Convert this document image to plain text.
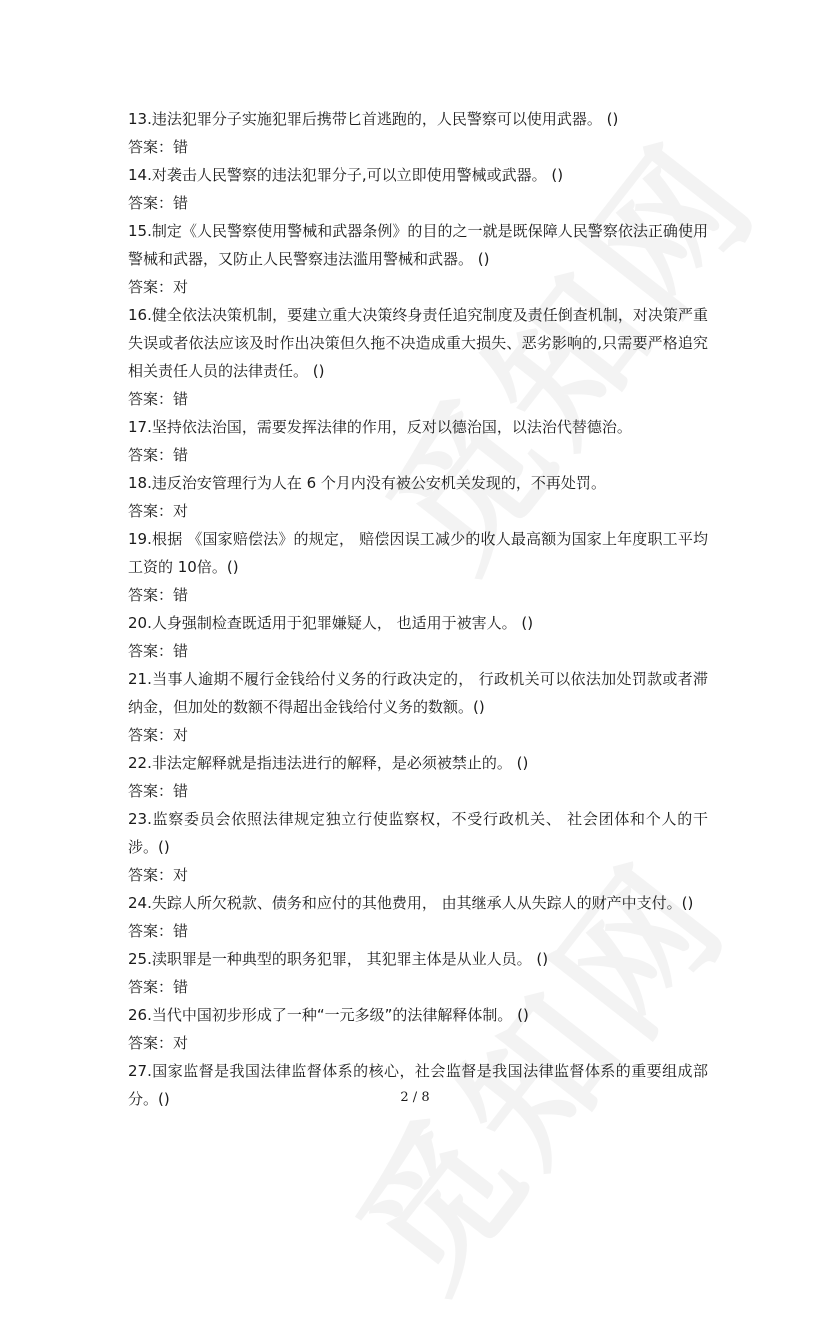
13.违法犯罪分子实施犯罪后携带匕首逃跑的，人民警察可以使用武器。 ()

答案：错

14.对袭击人民警察的违法犯罪分子,可以立即使用警械或武器。 ()

答案：错

15.制定《人民警察使用警械和武器条例》的目的之一就是既保障人民警察依法正确使用警械和武器，又防止人民警察违法滥用警械和武器。 ()

答案：对

16.健全依法决策机制，要建立重大决策终身责任追究制度及责任倒查机制，对决策严重失误或者依法应该及时作出决策但久拖不决造成重大损失、恶劣影响的,只需要严格追究相关责任人员的法律责任。 ()

答案：错

17.坚持依法治国，需要发挥法律的作用，反对以德治国，以法治代替德治。

答案：错

18.违反治安管理行为人在 6 个月内没有被公安机关发现的，不再处罚。

答案：对

19.根据 《国家赔偿法》的规定， 赔偿因误工减少的收人最高额为国家上年度职工平均工资的 10倍。()

答案：错

20.人身强制检查既适用于犯罪嫌疑人， 也适用于被害人。 ()

答案：错

21.当事人逾期不履行金钱给付义务的行政决定的， 行政机关可以依法加处罚款或者滞纳金，但加处的数额不得超出金钱给付义务的数额。()

答案：对

22.非法定解释就是指违法进行的解释，是必须被禁止的。 ()

答案：错

23.监察委员会依照法律规定独立行使监察权，不受行政机关、 社会团体和个人的干涉。()

答案：对

24.失踪人所欠税款、债务和应付的其他费用， 由其继承人从失踪人的财产中支付。()

答案：错

25.渎职罪是一种典型的职务犯罪， 其犯罪主体是从业人员。 ()

答案：错

26.当代中国初步形成了一种“一元多级”的法律解释体制。 ()

答案：对

27.国家监督是我国法律监督体系的核心，社会监督是我国法律监督体系的重要组成部分。()	2 / 8
